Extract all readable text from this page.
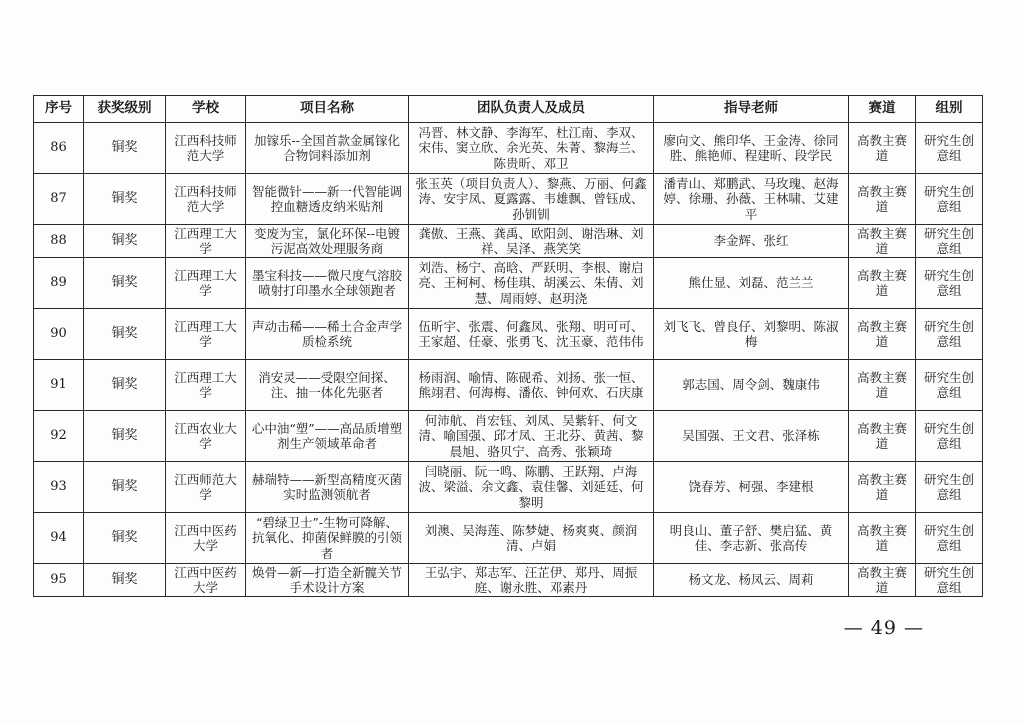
序号	获奖级别	学校	项目名称	团队负责人及成员	指导老师	赛道	组别
86	铜奖	江西科技师范大学	加镓乐--全国首款金属镓化合物饲料添加剂	冯晋、林文静、李海军、杜江南、李双、宋伟、窦立欣、余光英、朱菁、黎海兰、陈贵昕、邓卫	廖向文、熊印华、王金涛、徐同胜、熊艳师、程建昕、段学民	高教主赛道	研究生创意组
87	铜奖	江西科技师范大学	智能微针——新一代智能调控血糖透皮纳米贴剂	张玉英（项目负责人）、黎燕、万丽、何鑫涛、安宇凤、夏露露、韦雄飘、曾钰成、孙钏钏	潘青山、郑鹏武、马玫瑰、赵海婷、徐珊、孙薇、王林啸、艾建平	高教主赛道	研究生创意组
88	铜奖	江西理工大学	变废为宝，氯化环保--电镀污泥高效处理服务商	龚傲、王燕、龚禹、欧阳剑、谢浩琳、刘祥、吴泽、燕笑笑	李金辉、张红	高教主赛道	研究生创意组
89	铜奖	江西理工大学	墨宝科技——微尺度气溶胶喷射打印墨水全球领跑者	刘浩、杨宁、高晗、严跃明、李根、谢启亮、王柯柯、杨佳琪、胡溪云、朱倩、刘慧、周雨婷、赵玥浇	熊仕显、刘磊、范兰兰	高教主赛道	研究生创意组
90	铜奖	江西理工大学	声动击稀——稀土合金声学质检系统	伍昕宇、张震、何鑫凤、张翔、明可可、王家超、任豪、张勇飞、沈玉豪、范伟伟	刘飞飞、曾良仔、刘黎明、陈淑梅	高教主赛道	研究生创意组
91	铜奖	江西理工大学	消安灵——受限空间探、注、抽一体化先驱者	杨雨润、喻情、陈砚希、刘扬、张一恒、熊翊君、何海梅、潘依、钟何欢、石庆康	郭志国、周令剑、魏康伟	高教主赛道	研究生创意组
92	铜奖	江西农业大学	心中油“塑”——高品质增塑剂生产领域革命者	何沛航、肖宏钰、刘凤、吴紫轩、何文清、喻国强、邱才凤、王北芬、黄茜、黎晨旭、骆贝宁、高秀、张颖琦	吴国强、王文君、张泽栋	高教主赛道	研究生创意组
93	铜奖	江西师范大学	赫瑞特——新型高精度灭菌实时监测领航者	闫晓丽、阮一鸣、陈鹏、王跃翔、卢海波、梁溢、余文鑫、袁佳馨、刘延廷、何黎明	饶春芳、柯强、李建根	高教主赛道	研究生创意组
94	铜奖	江西中医药大学	“碧绿卫士”-生物可降解、抗氧化、抑菌保鲜膜的引领者	刘澳、吴海莲、陈梦婕、杨爽爽、颜润清、卢娟	明良山、董子舒、樊启猛、黄佳、李志新、张高传	高教主赛道	研究生创意组
95	铜奖	江西中医药大学	焕骨—新—打造全新髋关节手术设计方案	王弘宇、郑志军、汪芷伊、郑丹、周振庭、谢永胜、邓素丹	杨文龙、杨凤云、周莉	高教主赛道	研究生创意组
— 49 —
